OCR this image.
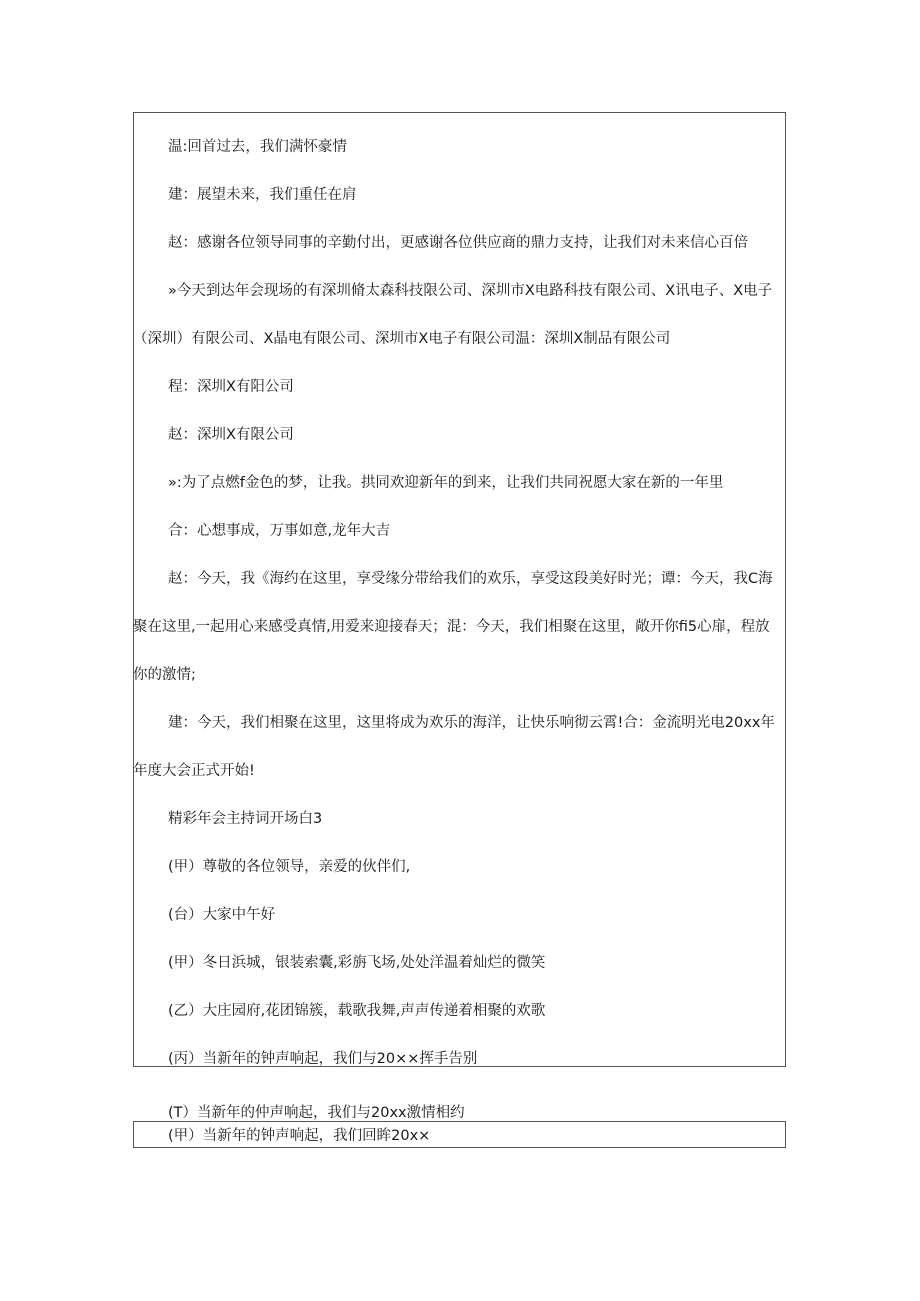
温:回首过去，我们满怀豪情
建：展望未来，我们重任在肩
赵：感谢各位领导同事的辛勤付出，更感谢各位供应商的鼎力支持，让我们对未来信心百倍
»今天到达年会现场的有深圳脩太森科技限公司、深圳市X电路科技有限公司、X讯电子、X电子
（深圳）有限公司、X晶电有限公司、深圳市X电子有限公司温：深圳X制品有限公司
程：深圳X有阳公司
赵：深圳X有限公司
»:为了点燃f金色的梦，让我。拱同欢迎新年的到来，让我们共同祝愿大家在新的一年里
合：心想事成，万事如意,龙年大吉
赵：今天，我《海约在这里，享受缘分带给我们的欢乐，享受这段美好时光；谭：今天，我C海
聚在这里,一起用心来感受真情,用爱来迎接春天；混：今天，我们相聚在这里，敞开你fi5心扉，程放
你的激情;
建：今天，我们相聚在这里，这里将成为欢乐的海洋，让快乐响彻云霄!合：金流明光电20xx年
年度大会正式开始!
精彩年会主持词开场白3
(甲）尊敬的各位领导，亲爱的伙伴们,
(台）大家中午好
(甲）冬日浜城，银装索囊,彩旃飞场,处处洋温着灿烂的微笑
(乙）大庄园府,花团锦簇，载歌我舞,声声传递着相聚的欢歌
(丙）当新年的钟声响起，我们与20××挥手告别
(T）当新年的仲声响起，我们与20xx激情相约
(甲）当新年的钟声响起，我们回眸20x×
